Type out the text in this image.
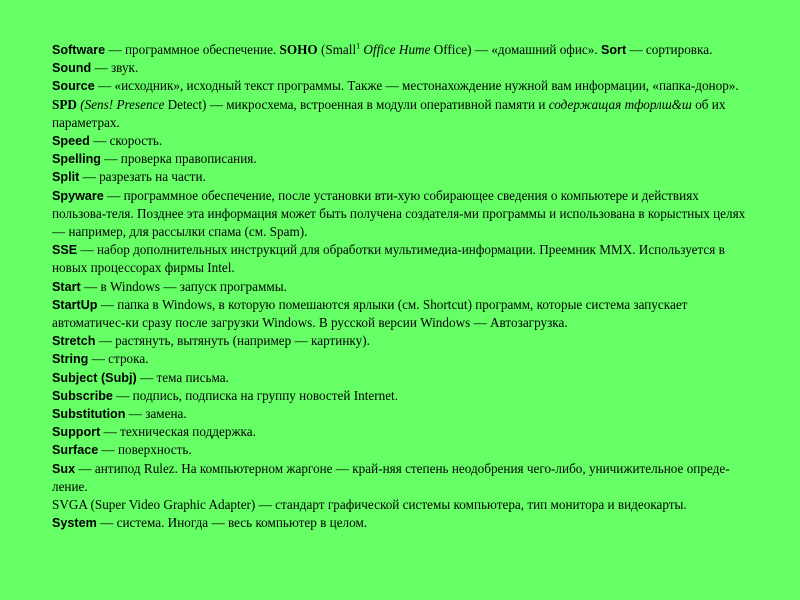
Software — программное обеспечение. SOHO (Small$^1$ Office Hume Office) — «домашний офис». Sort — сортировка. Sound — звук.

Source — «исходник», исходный текст программы. Также — местонахождение нужной вам информации, «папка-донор».

SPD (Sens! Presence Detect) — микросхема, встроенная в модули оперативной памяти и содержащая тфорлш&ш об их параметрах.

Speed — скорость.

Spelling — проверка правописания.

Split — разрезать на части.

Spyware — программное обеспечение, после установки вти-хую собирающее сведения о компьютере и действиях пользова-теля. Позднее эта информация может быть получена создателя-ми программы и использована в корыстных целях — например, для рассылки спама (см. Spam).

SSE — набор дополнительных инструкций для обработки мультимедиа-информации. Преемник ММХ. Используется в новых процессорах фирмы Intel.

Start — в Windows — запуск программы.

StartUp — папка в Windows, в которую помешаются ярлыки (см. Shortcut) программ, которые система запускает автоматичес-ки сразу после загрузки Windows. В русской версии Windows — Автозагрузка.

Stretch — растянуть, вытянуть (например — картинку).

String — строка.

Subject (Subj) — тема письма.

Subscribe — подпись, подписка на группу новостей Internet.

Substitution — замена.

Support — техническая поддержка.

Surface — поверхность.

Sux — антипод Rulez. На компьютерном жаргоне — край-няя степень неодобрения чего-либо, уничижительное опреде-ление.

SVGA (Super Video Graphic Adapter) — стандарт графической системы компьютера, тип монитора и видеокарты.

System — система. Иногда — весь компьютер в целом.
